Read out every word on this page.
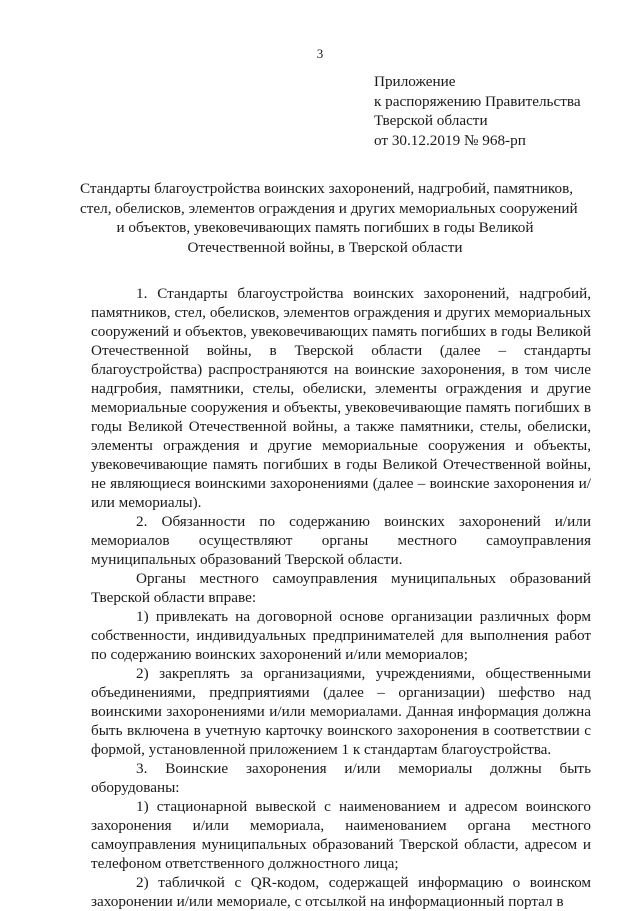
3
Приложение
к распоряжению Правительства
Тверской области
от 30.12.2019 № 968-рп
Стандарты благоустройства воинских захоронений, надгробий, памятников,
стел, обелисков, элементов ограждения и других мемориальных сооружений
и объектов, увековечивающих память погибших в годы Великой
Отечественной войны, в Тверской области

1. Стандарты благоустройства воинских захоронений, надгробий, памятников, стел, обелисков, элементов ограждения и других мемориальных сооружений и объектов, увековечивающих память погибших в годы Великой Отечественной войны, в Тверской области (далее – стандарты благоустройства) распространяются на воинские захоронения, в том числе надгробия, памятники, стелы, обелиски, элементы ограждения и другие мемориальные сооружения и объекты, увековечивающие память погибших в годы Великой Отечественной войны, а также памятники, стелы, обелиски, элементы ограждения и другие мемориальные сооружения и объекты, увековечивающие память погибших в годы Великой Отечественной войны, не являющиеся воинскими захоронениями (далее – воинские захоронения и/или мемориалы).

2. Обязанности по содержанию воинских захоронений и/или мемориалов осуществляют органы местного самоуправления муниципальных образований Тверской области.

Органы местного самоуправления муниципальных образований Тверской области вправе:

1) привлекать на договорной основе организации различных форм собственности, индивидуальных предпринимателей для выполнения работ по содержанию воинских захоронений и/или мемориалов;

2) закреплять за организациями, учреждениями, общественными объединениями, предприятиями (далее – организации) шефство над воинскими захоронениями и/или мемориалами. Данная информация должна быть включена в учетную карточку воинского захоронения в соответствии с формой, установленной приложением 1 к стандартам благоустройства.

3. Воинские захоронения и/или мемориалы должны быть оборудованы:

1) стационарной вывеской с наименованием и адресом воинского захоронения и/или мемориала, наименованием органа местного самоуправления муниципальных образований Тверской области, адресом и телефоном ответственного должностного лица;

2) табличкой с QR-кодом, содержащей информацию о воинском захоронении и/или мемориале, с отсылкой на информационный портал в
